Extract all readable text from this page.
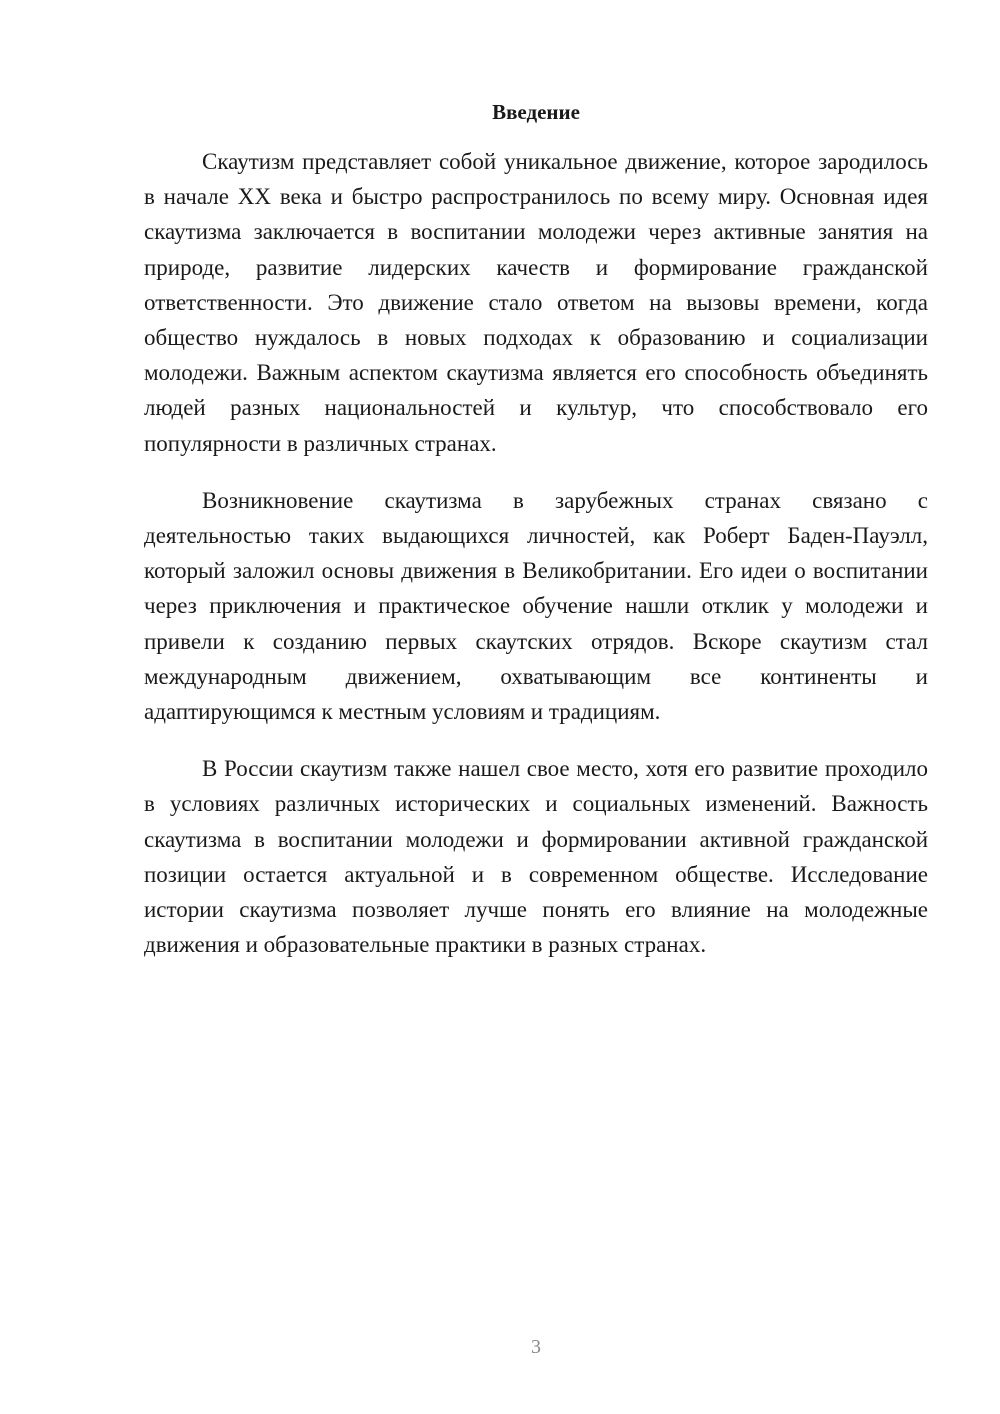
Введение

Скаутизм представляет собой уникальное движение, которое зародилось в начале XX века и быстро распространилось по всему миру. Основная идея скаутизма заключается в воспитании молодежи через активные занятия на природе, развитие лидерских качеств и формирование гражданской ответственности. Это движение стало ответом на вызовы времени, когда общество нуждалось в новых подходах к образованию и социализации молодежи. Важным аспектом скаутизма является его способность объединять людей разных национальностей и культур, что способствовало его популярности в различных странах.

Возникновение скаутизма в зарубежных странах связано с деятельностью таких выдающихся личностей, как Роберт Баден-Пауэлл, который заложил основы движения в Великобритании. Его идеи о воспитании через приключения и практическое обучение нашли отклик у молодежи и привели к созданию первых скаутских отрядов. Вскоре скаутизм стал международным движением, охватывающим все континенты и адаптирующимся к местным условиям и традициям.

В России скаутизм также нашел свое место, хотя его развитие проходило в условиях различных исторических и социальных изменений. Важность скаутизма в воспитании молодежи и формировании активной гражданской позиции остается актуальной и в современном обществе. Исследование истории скаутизма позволяет лучше понять его влияние на молодежные движения и образовательные практики в разных странах.

3
